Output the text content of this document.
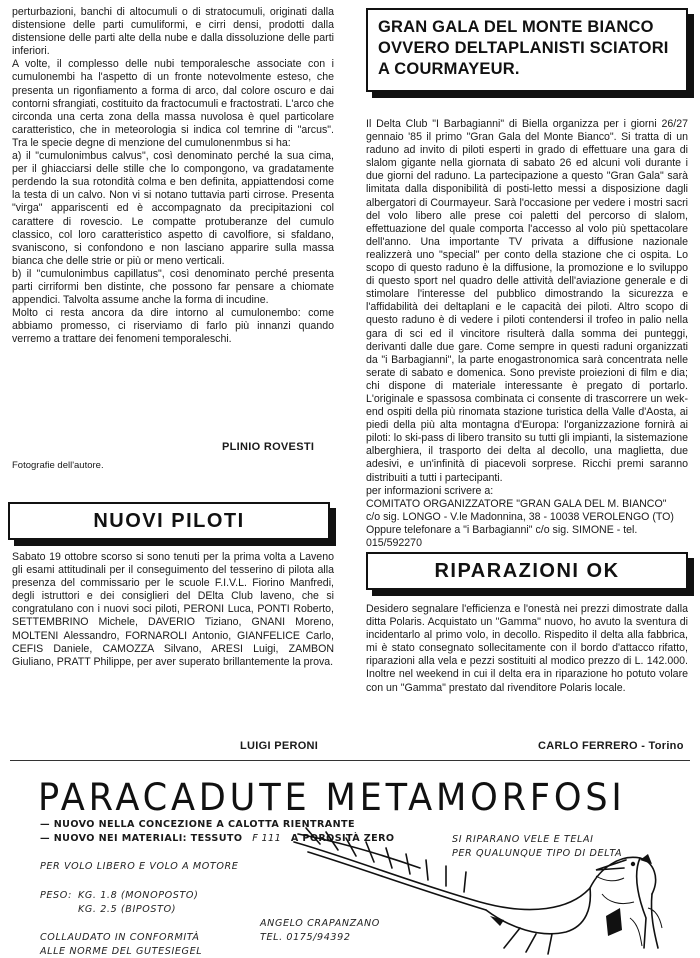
perturbazioni, banchi di altocumuli o di stratocumuli, originati dalla distensione delle parti cumuliformi, e cirri densi, prodotti dalla distensione delle parti alte della nube e dalla dissoluzione delle parti inferiori.

A volte, il complesso delle nubi temporalesche associate con i cumulonembi ha l'aspetto di un fronte notevolmente esteso, che presenta un rigonfiamento a forma di arco, dal colore oscuro e dai contorni sfrangiati, costituito da fractocumuli e fractostrati. L'arco che circonda una certa zona della massa nuvolosa è quel particolare caratteristico, che in meteorologia si indica col temrine di "arcus". Tra le specie degne di menzione del cumulonenmbus si ha:

a) il "cumulonimbus calvus", così denominato perché la sua cima, per il ghiacciarsi delle stille che lo compongono, va gradatamente perdendo la sua rotondità colma e ben definita, appiattendosi come la testa di un calvo. Non vi si notano tuttavia parti cirrose. Presenta "virga" appariscenti ed è accompagnato da precipitazioni col carattere di rovescio. Le compatte protuberanze del cumulo classico, col loro caratteristico aspetto di cavolfiore, si sfaldano, svaniscono, si confondono e non lasciano apparire sulla massa bianca che delle strie or più or meno verticali.

b) il "cumulonimbus capillatus", così denominato perché presenta parti cirriformi ben distinte, che possono far pensare a chiomate appendici. Talvolta assume anche la forma di incudine.

Molto ci resta ancora da dire intorno al cumulonembo: come abbiamo promesso, ci riserviamo di farlo più innanzi quando verremo a trattare dei fenomeni temporaleschi.

PLINIO ROVESTI
Fotografie dell'autore.
GRAN GALA DEL MONTE BIANCO
OVVERO DELTAPLANISTI SCIATORI
A COURMAYEUR.

Il Delta Club "I Barbagianni" di Biella organizza per i giorni 26/27 gennaio '85 il primo "Gran Gala del Monte Bianco". Si tratta di un raduno ad invito di piloti esperti in grado di effettuare una gara di slalom gigante nella giornata di sabato 26 ed alcuni voli durante i due giorni del raduno. La partecipazione a questo "Gran Gala" sarà limitata dalla disponibilità di posti-letto messi a disposizione dagli albergatori di Courmayeur. Sarà l'occasione per vedere i mostri sacri del volo libero alle prese coi paletti del percorso di slalom, effettuazione del quale comporta l'accesso al volo più spettacolare dell'anno. Una importante TV privata a diffusione nazionale realizzerà uno "special" per conto della stazione che ci ospita. Lo scopo di questo raduno è la diffusione, la promozione e lo sviluppo di questo sport nel quadro delle attività dell'aviazione generale e di stimolare l'interesse del pubblico dimostrando la sicurezza e l'affidabilità dei deltaplani e le capacità dei piloti. Altro scopo di questo raduno è di vedere i piloti contendersi il trofeo in palio nella gara di sci ed il vincitore risulterà dalla somma dei punteggi, derivanti dalle due gare. Come sempre in questi raduni organizzati da "i Barbagianni", la parte enogastronomica sarà concentrata nelle serate di sabato e domenica. Sono previste proiezioni di film e dia; chi dispone di materiale interessante è pregato di portarlo. L'originale e spassosa combinata ci consente di trascorrere un wek-end ospiti della più rinomata stazione turistica della Valle d'Aosta, ai piedi della più alta montagna d'Europa: l'organizzazione fornirà ai piloti: lo ski-pass di libero transito su tutti gli impianti, la sistemazione alberghiera, il trasporto dei delta al decollo, una maglietta, due adesivi, e un'infinità di piacevoli sorprese. Ricchi premi saranno distribuiti a tutti i partecipanti.

per informazioni scrivere a:
COMITATO ORGANIZZATORE "GRAN GALA DEL M. BIANCO"
c/o sig. LONGO - V.le Madonnina, 38 - 10038 VEROLENGO (TO)
Oppure telefonare a "i Barbagianni" c/o sig. SIMONE - tel. 015/592270
NUOVI PILOTI

Sabato 19 ottobre scorso si sono tenuti per la prima volta a Laveno gli esami attitudinali per il conseguimento del tesserino di pilota alla presenza del commissario per le scuole F.I.V.L. Fiorino Manfredi, degli istruttori e dei consiglieri del DElta Club laveno, che si congratulano con i nuovi soci piloti, PERONI Luca, PONTI Roberto, SETTEMBRINO Michele, DAVERIO Tiziano, GNANI Moreno, MOLTENI Alessandro, FORNAROLI Antonio, GIANFELICE Carlo, CEFIS Daniele, CAMOZZA Silvano, ARESI Luigi, ZAMBON Giuliano, PRATT Philippe, per aver superato brillantemente la prova.

LUIGI PERONI
RIPARAZIONI OK

Desidero segnalare l'efficienza e l'onestà nei prezzi dimostrate dalla ditta Polaris. Acquistato un "Gamma" nuovo, ho avuto la sventura di incidentarlo al primo volo, in decollo. Rispedito il delta alla fabbrica, mi è stato consegnato sollecitamente con il bordo d'attacco rifatto, riparazioni alla vela e pezzi sostituiti al modico prezzo di L. 142.000. Inoltre nel weekend in cui il delta era in riparazione ho potuto volare con un "Gamma" prestato dal rivenditore Polaris locale.

CARLO FERRERO - Torino
PARACADUTE METAMORFOSI
— NUOVO NELLA CONCEZIONE A CALOTTA RIENTRANTE
— NUOVO NEI MATERIALI: TESSUTO F 111 A POROSITÀ ZERO	SI RIPARANO VELE E TELAI
PER QUALUNQUE TIPO DI DELTA
PER VOLO LIBERO E VOLO A MOTORE
PESO: KG. 1.8 (MONOPOSTO)
KG. 2.5 (BIPOSTO)
COLLAUDATO IN CONFORMITÀ
ALLE NORME DEL GUTESIEGEL
ANGELO CRAPANZANO
TEL. 0175/94392
